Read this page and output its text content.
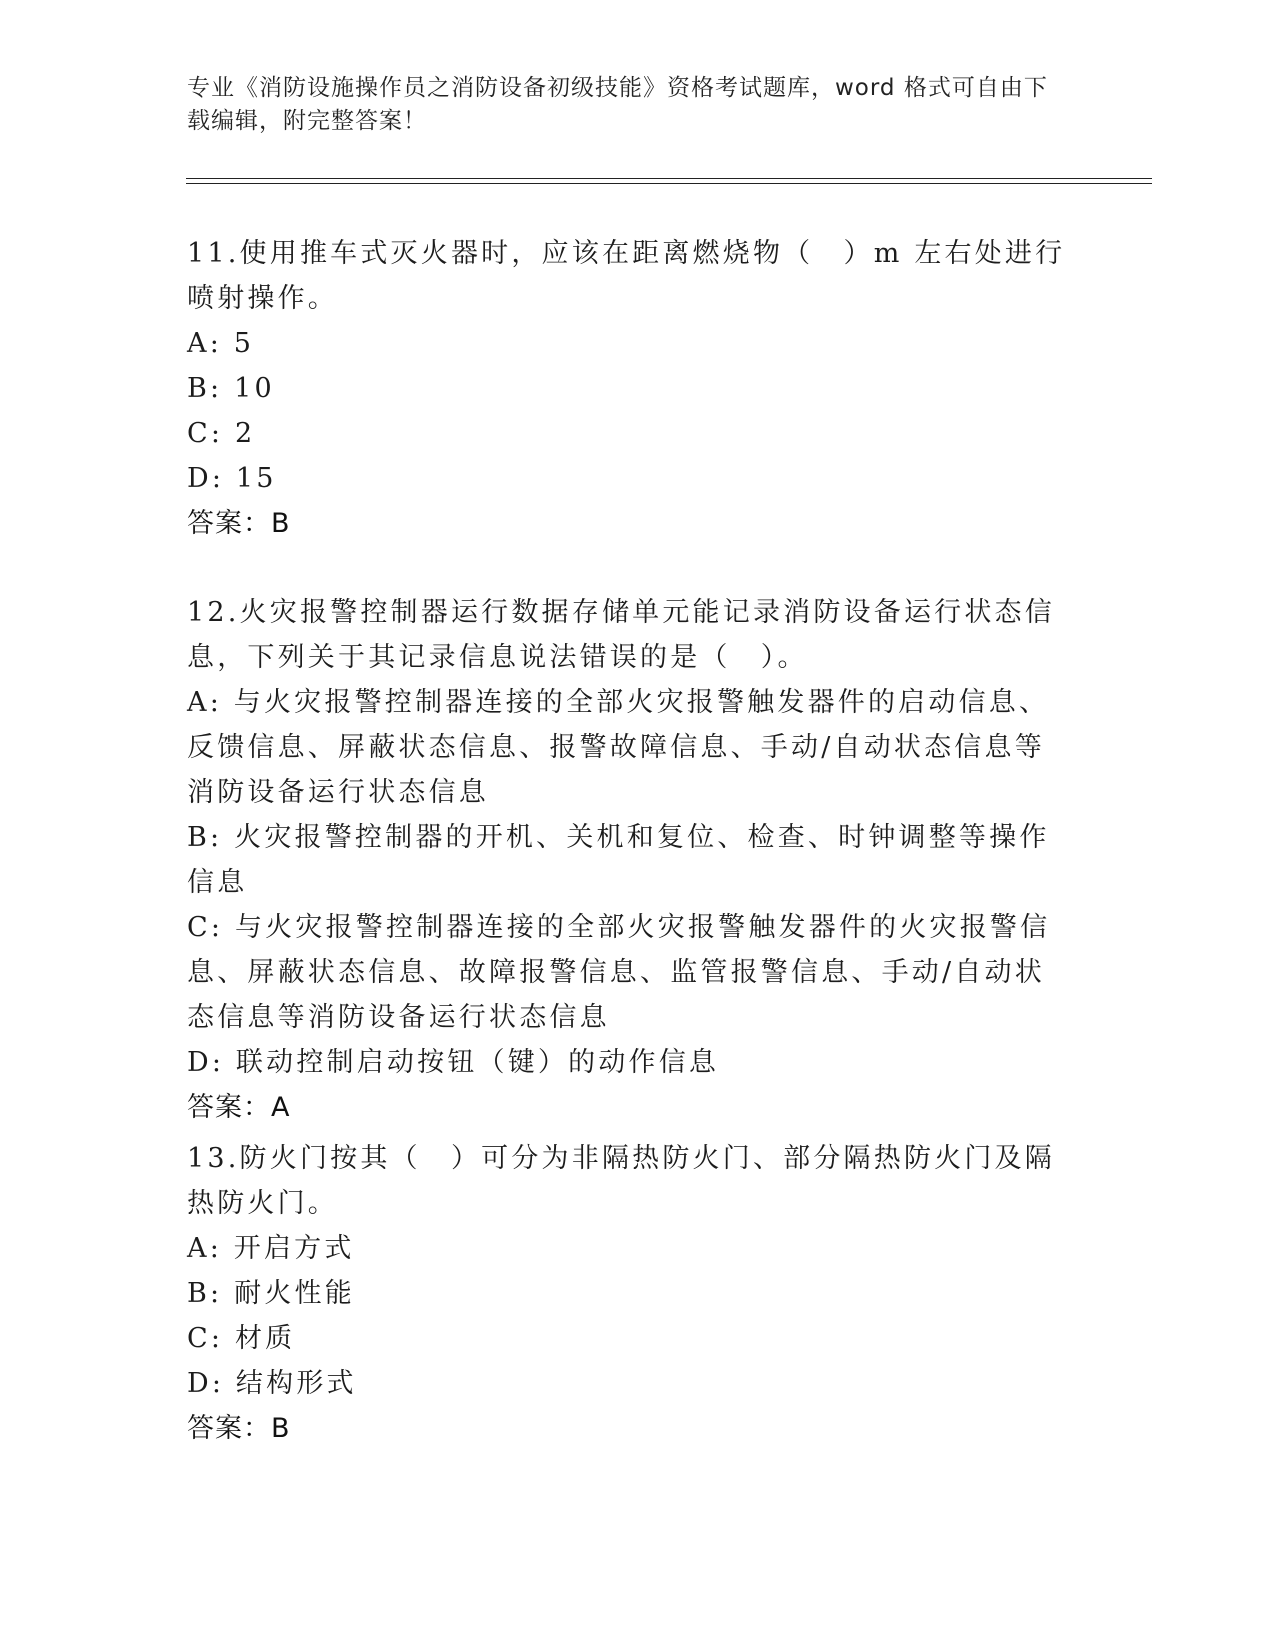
专业《消防设施操作员之消防设备初级技能》资格考试题库，word 格式可自由下载编辑，附完整答案！
11.使用推车式灭火器时，应该在距离燃烧物（　）m 左右处进行喷射操作。
A: 5
B: 10
C: 2
D: 15
答案：B
12.火灾报警控制器运行数据存储单元能记录消防设备运行状态信息，下列关于其记录信息说法错误的是（　）。
A: 与火灾报警控制器连接的全部火灾报警触发器件的启动信息、反馈信息、屏蔽状态信息、报警故障信息、手动/自动状态信息等消防设备运行状态信息
B: 火灾报警控制器的开机、关机和复位、检查、时钟调整等操作信息
C: 与火灾报警控制器连接的全部火灾报警触发器件的火灾报警信息、屏蔽状态信息、故障报警信息、监管报警信息、手动/自动状态信息等消防设备运行状态信息
D: 联动控制启动按钮（键）的动作信息
答案：A
13.防火门按其（　）可分为非隔热防火门、部分隔热防火门及隔热防火门。
A: 开启方式
B: 耐火性能
C: 材质
D: 结构形式
答案：B
